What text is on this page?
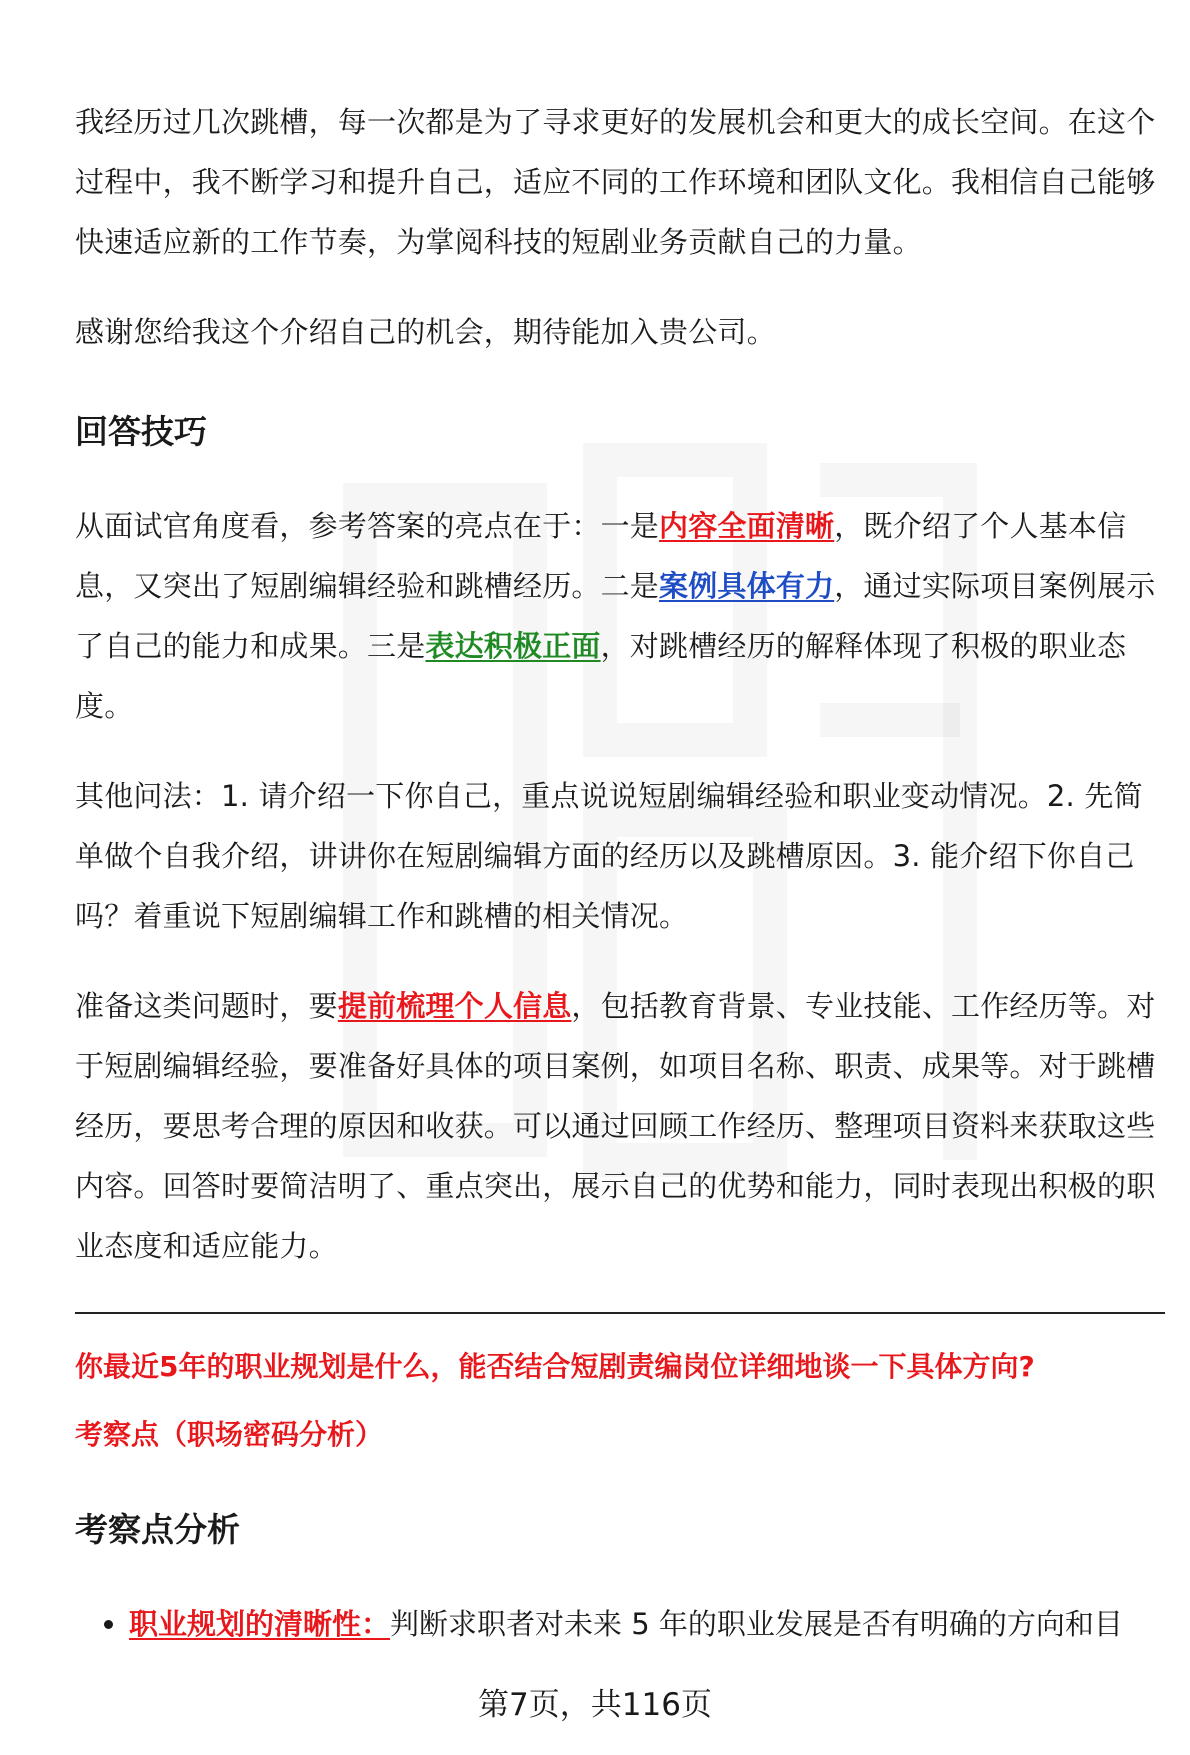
我经历过几次跳槽，每一次都是为了寻求更好的发展机会和更大的成长空间。在这个过程中，我不断学习和提升自己，适应不同的工作环境和团队文化。我相信自己能够快速适应新的工作节奏，为掌阅科技的短剧业务贡献自己的力量。

感谢您给我这个介绍自己的机会，期待能加入贵公司。

回答技巧

从面试官角度看，参考答案的亮点在于：一是内容全面清晰，既介绍了个人基本信息，又突出了短剧编辑经验和跳槽经历。二是案例具体有力，通过实际项目案例展示了自己的能力和成果。三是表达积极正面，对跳槽经历的解释体现了积极的职业态度。

其他问法：1. 请介绍一下你自己，重点说说短剧编辑经验和职业变动情况。2. 先简单做个自我介绍，讲讲你在短剧编辑方面的经历以及跳槽原因。3. 能介绍下你自己吗？着重说下短剧编辑工作和跳槽的相关情况。

准备这类问题时，要提前梳理个人信息，包括教育背景、专业技能、工作经历等。对于短剧编辑经验，要准备好具体的项目案例，如项目名称、职责、成果等。对于跳槽经历，要思考合理的原因和收获。可以通过回顾工作经历、整理项目资料来获取这些内容。回答时要简洁明了、重点突出，展示自己的优势和能力，同时表现出积极的职业态度和适应能力。

你最近5年的职业规划是什么，能否结合短剧责编岗位详细地谈一下具体方向?
考察点（职场密码分析）
考察点分析
• 职业规划的清晰性：判断求职者对未来 5 年的职业发展是否有明确的方向和目
第7页，共116页
